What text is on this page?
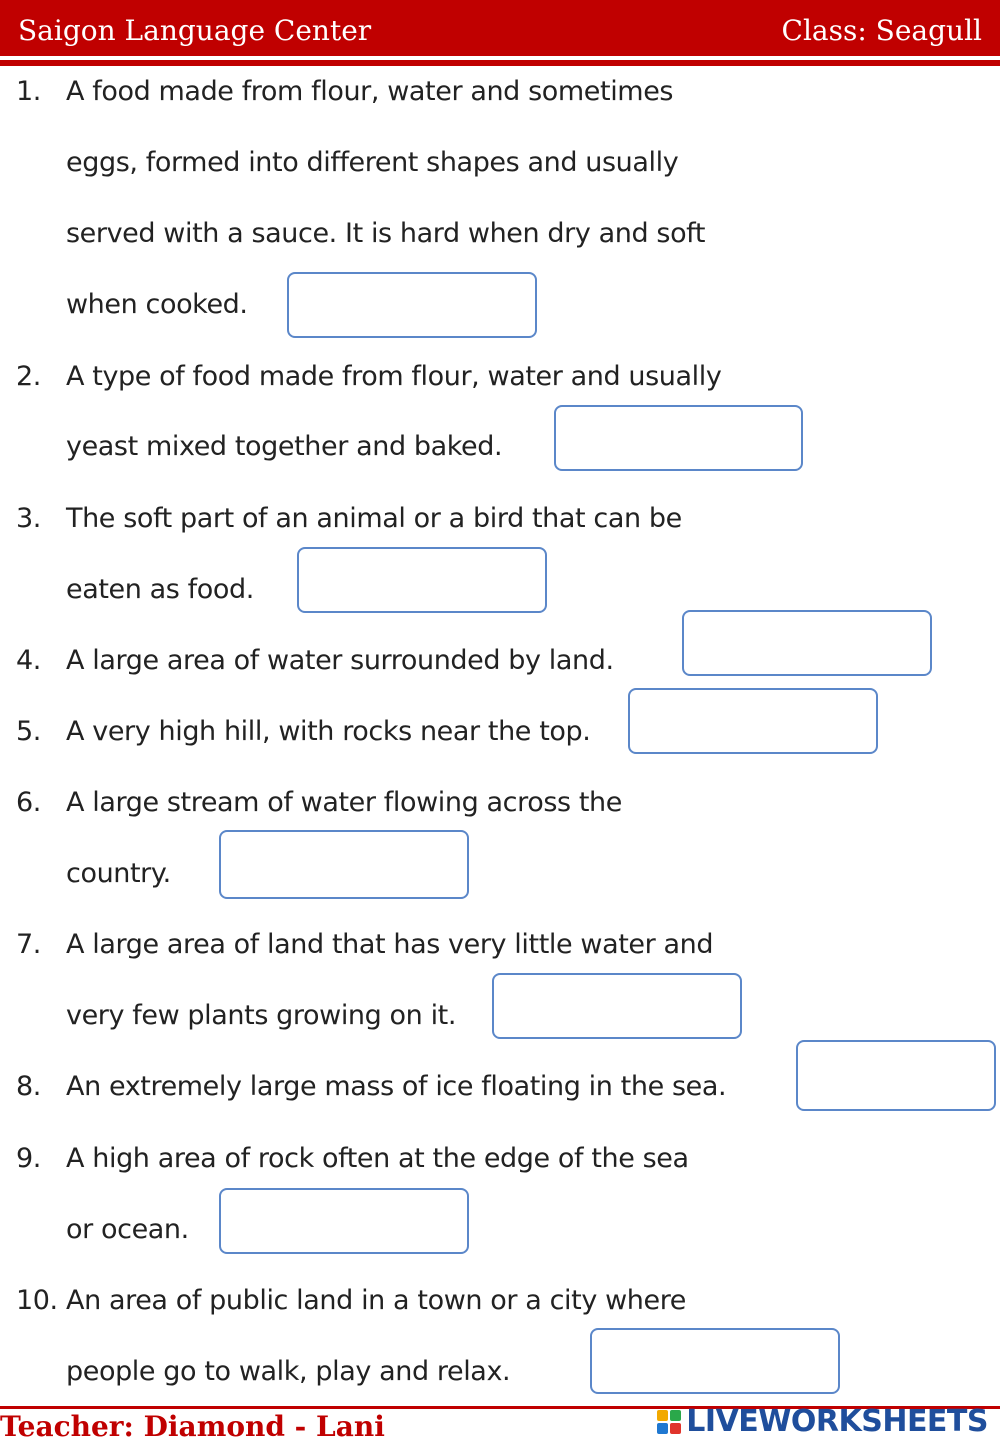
Saigon Language Center	Class: Seagull
1. A food made from flour, water and sometimes
eggs, formed into different shapes and usually
served with a sauce. It is hard when dry and soft
when cooked.
2. A type of food made from flour, water and usually
yeast mixed together and baked.
3. The soft part of an animal or a bird that can be
eaten as food.
4. A large area of water surrounded by land.
5. A very high hill, with rocks near the top.
6. A large stream of water flowing across the
country.
7. A large area of land that has very little water and
very few plants growing on it.
8. An extremely large mass of ice floating in the sea.
9. A high area of rock often at the edge of the sea
or ocean.
10. An area of public land in a town or a city where
people go to walk, play and relax.
Teacher: Diamond - Lani	LIVEWORKSHEETS
